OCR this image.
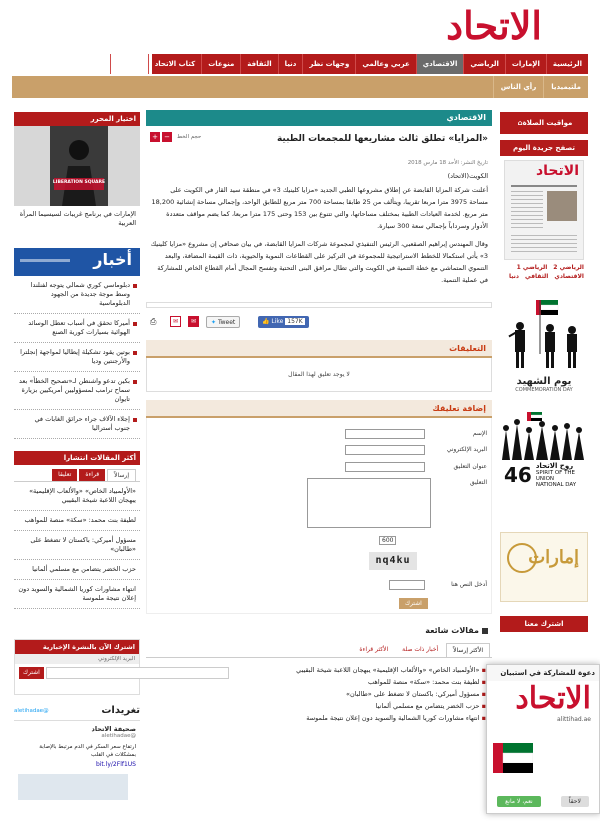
الاتحاد
الرئيسية
الإمارات
الرياضي
الاقتصادي
عربي وعالمي
وجهات نظر
دنيا
الثقافة
منوعات
كتاب الاتحاد
مقالات
ملتيميديا
رأي الناس
⌂مواقيت الصلاة
تصفح جريدة اليوم
الاتحاد
الرياضي 2
الرياضي 1
الاقتصادي
الثقافي
دنيا
يوم الشهيد
COMMEMORATION DAY
46 روح الاتحاد
SPIRIT OF THE UNION
NATIONAL DAY
إمارات
اشترك معنا
الاقتصادي
«المزايا» تطلق ثالث مشاريعها للمجمعات الطبية
+ −	حجم الخط
تاريخ النشر: الأحد 18 مارس 2018
الكويت(الاتحاد)
أعلنت شركة المزايا القابضة عن إطلاق مشروعها الطبي الجديد «مزايا كلينيك 3» في منطقة سيد القار في الكويت على مساحة 3975 مترا مربعا تقريبا، ويتألف من 25 طابقا بمساحة 700 متر مربع للطابق الواحد، وإجمالي مساحة إنشائية 18,200 متر مربع. لخدمة العيادات الطبية بمختلف مساحاتها، والتي تتنوع بين 153 وحتى 175 مترا مربعا، كما يضم مواقف متعددة الأدوار وسرداباً بإجمالي سعة 300 سيارة.
وقال المهندس إبراهيم الصقعبي، الرئيس التنفيذي لمجموعة شركات المزايا القابضة، في بيان صحافي إن مشروع «مزايا كلينيك 3» يأتي استكمالا للخطط الاستراتيجية للمجموعة في التركيز على القطاعات النموية والحيوية، ذات القيمة المضافة، والبعد التنموي المتماشي مع خطة التنمية في الكويت والتي تطال مرافق البنى التحتية وتفسح المجال أمام القطاع الخاص للمشاركة في عملية التنمية.
⎙	✉	✉	✦ Tweet	👍 Like 157K
التعليقات
لا يوجد تعليق لهذا المقال
إضافة تعليقك
الإسم
البريد الإلكتروني
عنوان التعليق
التعليق
600
nq4ku
أدخل النص هنا
اشترك
مقالات شائعة
الأكثر إرسالاً
أخبار ذات صلة
الأكثر قراءة
▪ «الأولمبياد الخاص» «والألعاب الإقليمية» يبهجان اللاعبة شيخة البقيبي
▪ لطيفة بنت محمد: «سكة» منصة للمواهب
▪ مسؤول أميركي: باكستان لا تضغط على «طالبان»
▪ حزب الخضر يتضامن مع مسلمي ألمانيا
▪ انتهاء مشاورات كوريا الشمالية والسويد دون إعلان نتيجة ملموسة
اختيار المحرر
LIBERATION SQUARE
الإمارات في برنامج غريبات لسيسيما المرأة العربية
أخبار
دبلوماسي كوري شمالي يتوجه لفنلندا وسط موجة جديدة من الجهود الدبلوماسية
أميركا تحقق في أسباب تعطل الوسائد الهوائية بسيارات كورية الصنع
بوتين يقود تشكيلة إيطاليا لمواجهة إنجلترا والأرجنتين وديا
بكين تدعو واشنطن لـ«تصحيح الخطأ» بعد سماح ترامب لمسؤوليين أمريكيين بزيارة تايوان
إجلاء الآلاف جراء حرائق الغابات في جنوب أستراليا
أكثر المقالات انتشارا
إرسالاً
قراءة
تعليقا
«الأولمبياد الخاص» «والألعاب الإقليمية» يبهجان اللاعبة شيخة البقيبي
لطيفة بنت محمد: «سكة» منصة للمواهب
مسؤول أميركي: باكستان لا تضغط على «طالبان»
حزب الخضر يتضامن مع مسلمي ألمانيا
انتهاء مشاورات كوريا الشمالية والسويد دون إعلان نتيجة ملموسة
اشترك الآن بالنشرة الإخبارية
البريد الإلكتروني
اشترك
تغريدات
@aletihadae
صحيفة الاتحاد
@aletihadae
ارتفاع سعر السكر في الدم مرتبط بالإصابة بمشكلات في القلب
bit.ly/2Flf1US
دعوة للمشاركة في استبيان
الاتحاد
alittihad.ae
نعم، لا مانع	لاحقاً
